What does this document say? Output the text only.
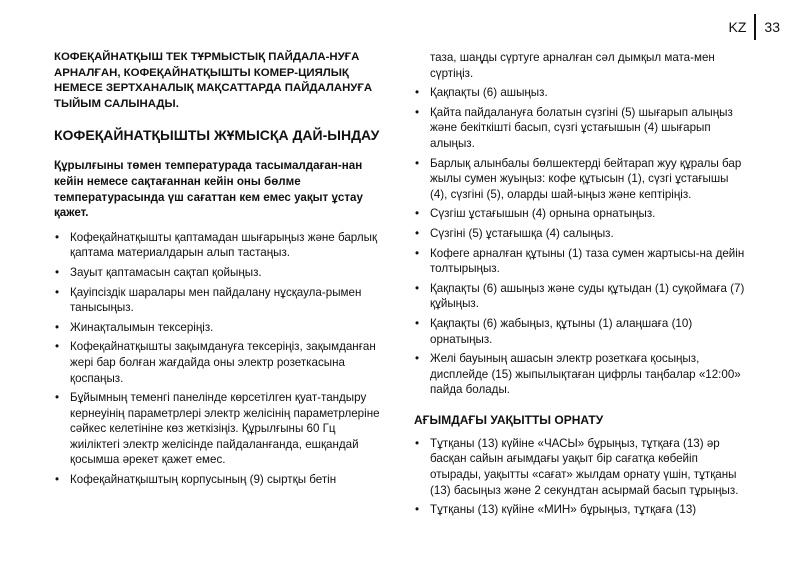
KZ	33

КОФЕҚАЙНАТҚЫШ ТЕК ТҰРМЫСТЫҚ ПАЙДАЛА-НУҒА АРНАЛҒАН, КОФЕҚАЙНАТҚЫШТЫ КОМЕР-ЦИЯЛЫҚ НЕМЕСЕ ЗЕРТХАНАЛЫҚ МАҚСАТТАРДА ПАЙДАЛАНУҒА ТЫЙЫМ САЛЫНАДЫ.

КОФЕҚАЙНАТҚЫШТЫ ЖҰМЫСҚА ДАЙ-ЫНДАУ

Құрылғыны төмен температурада тасымалдаған-нан кейін немесе сақтағаннан кейін оны бөлме температурасында үш сағаттан кем емес уақыт ұстау қажет.

• Кофеқайнатқышты қаптамадан шығарыңыз және барлық қаптама материалдарын алып тастаңыз.
• Зауыт қаптамасын сақтап қойыңыз.
• Қауіпсіздік шаралары мен пайдалану нұсқаула-рымен танысыңыз.
• Жинақталымын тексеріңіз.
• Кофеқайнатқышты зақымдануға тексеріңіз, зақымданған жері бар болған жағдайда оны электр розеткасына қоспаңыз.
• Бұйымның теменгі панелінде көрсетілген қуат-тандыру кернеуінің параметрлері электр желісінің параметрлеріне сәйкес келетініне көз жеткізіңіз. Құрылғыны 60 Гц жиіліктегі электр желісінде пайдаланғанда, ешқандай қосымша әрекет қажет емес.
• Кофеқайнатқыштың корпусының (9) сыртқы бетін

таза, шаңды сүртуге арналған сәл дымқыл мата-мен сүртіңіз.

• Қақпақты (6) ашыңыз.
• Қайта пайдалануға болатын сүзгіні (5) шығарып алыңыз және бекіткішті басып, сүзгі ұстағышын (4) шығарып алыңыз.
• Барлық алынбалы бөлшектерді бейтарап жуу құралы бар жылы сумен жуыңыз: кофе құтысын (1), сүзгі ұстағышы (4), сүзгіні (5), оларды шай-ыңыз және кептіріңіз.
• Сүзгіш ұстағышын (4) орнына орнатыңыз.
• Сүзгіні (5) ұстағышқа (4) салыңыз.
• Кофеге арналған құтыны (1) таза сумен жартысы-на дейін толтырыңыз.
• Қақпақты (6) ашыңыз және суды құтыдан (1) суқоймаға (7) құйыңыз.
• Қақпақты (6) жабыңыз, құтыны (1) алаңшаға (10) орнатыңыз.
• Желі бауының ашасын электр розеткаға қосыңыз, дисплейде (15) жыпылықтаған цифрлы таңбалар «12:00» пайда болады.
АҒЫМДАҒЫ УАҚЫТТЫ ОРНАТУ
• Тұтқаны (13) күйіне «ЧАСЫ» бұрыңыз, тұтқаға (13) әр басқан сайын ағымдағы уақыт бір сағатқа көбейіп отырады, уақытты «сағат» жылдам орнату үшін, тұтқаны (13) басыңыз және 2 секундтан асырмай басып тұрыңыз.
• Тұтқаны (13) күйіне «МИН» бұрыңыз, тұтқаға (13)
